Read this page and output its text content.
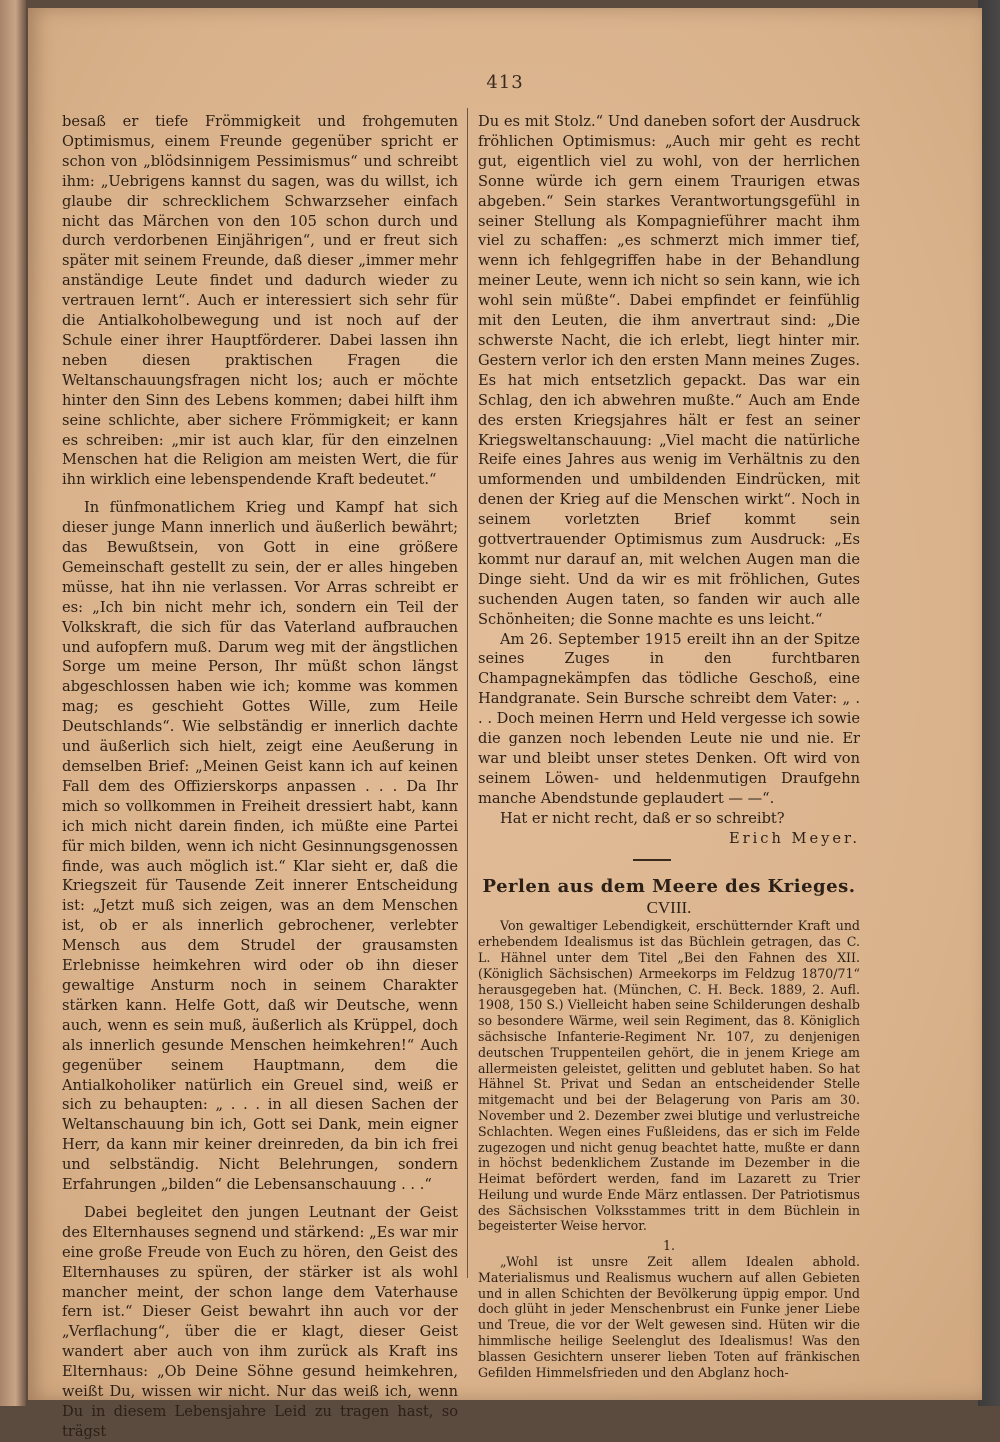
413

besaß er tiefe Frömmigkeit und frohgemuten Optimismus, einem Freunde gegenüber spricht er schon von „blödsinnigem Pessimismus“ und schreibt ihm: „Uebrigens kannst du sagen, was du willst, ich glaube dir schrecklichem Schwarzseher einfach nicht das Märchen von den 105 schon durch und durch verdorbenen Einjährigen“, und er freut sich später mit seinem Freunde, daß dieser „immer mehr anständige Leute findet und dadurch wieder zu vertrauen lernt“. Auch er interessiert sich sehr für die Antialkoholbewegung und ist noch auf der Schule einer ihrer Hauptförderer. Dabei lassen ihn neben diesen praktischen Fragen die Weltanschauungsfragen nicht los; auch er möchte hinter den Sinn des Lebens kommen; dabei hilft ihm seine schlichte, aber sichere Frömmigkeit; er kann es schreiben: „mir ist auch klar, für den einzelnen Menschen hat die Religion am meisten Wert, die für ihn wirklich eine lebenspendende Kraft bedeutet.“

In fünfmonatlichem Krieg und Kampf hat sich dieser junge Mann innerlich und äußerlich bewährt; das Bewußtsein, von Gott in eine größere Gemeinschaft gestellt zu sein, der er alles hingeben müsse, hat ihn nie verlassen. Vor Arras schreibt er es: „Ich bin nicht mehr ich, sondern ein Teil der Volkskraft, die sich für das Vaterland aufbrauchen und aufopfern muß. Darum weg mit der ängstlichen Sorge um meine Person, Ihr müßt schon längst abgeschlossen haben wie ich; komme was kommen mag; es geschieht Gottes Wille, zum Heile Deutschlands“. Wie selbständig er innerlich dachte und äußerlich sich hielt, zeigt eine Aeußerung in demselben Brief: „Meinen Geist kann ich auf keinen Fall dem des Offizierskorps anpassen . . . Da Ihr mich so vollkommen in Freiheit dressiert habt, kann ich mich nicht darein finden, ich müßte eine Partei für mich bilden, wenn ich nicht Gesinnungsgenossen finde, was auch möglich ist.“ Klar sieht er, daß die Kriegszeit für Tausende Zeit innerer Entscheidung ist: „Jetzt muß sich zeigen, was an dem Menschen ist, ob er als innerlich gebrochener, verlebter Mensch aus dem Strudel der grausamsten Erlebnisse heimkehren wird oder ob ihn dieser gewaltige Ansturm noch in seinem Charakter stärken kann. Helfe Gott, daß wir Deutsche, wenn auch, wenn es sein muß, äußerlich als Krüppel, doch als innerlich gesunde Menschen heimkehren!“ Auch gegenüber seinem Hauptmann, dem die Antialkoholiker natürlich ein Greuel sind, weiß er sich zu behaupten: „ . . . in all diesen Sachen der Weltanschauung bin ich, Gott sei Dank, mein eigner Herr, da kann mir keiner dreinreden, da bin ich frei und selbständig. Nicht Belehrungen, sondern Erfahrungen „bilden“ die Lebensanschauung . . .“

Dabei begleitet den jungen Leutnant der Geist des Elternhauses segnend und stärkend: „Es war mir eine große Freude von Euch zu hören, den Geist des Elternhauses zu spüren, der stärker ist als wohl mancher meint, der schon lange dem Vaterhause fern ist.“ Dieser Geist bewahrt ihn auch vor der „Verflachung“, über die er klagt, dieser Geist wandert aber auch von ihm zurück als Kraft ins Elternhaus: „Ob Deine Söhne gesund heimkehren, weißt Du, wissen wir nicht. Nur das weiß ich, wenn Du in diesem Lebensjahre Leid zu tragen hast, so trägst

Du es mit Stolz.“ Und daneben sofort der Ausdruck fröhlichen Optimismus: „Auch mir geht es recht gut, eigentlich viel zu wohl, von der herrlichen Sonne würde ich gern einem Traurigen etwas abgeben.“ Sein starkes Verantwortungsgefühl in seiner Stellung als Kompagnieführer macht ihm viel zu schaffen: „es schmerzt mich immer tief, wenn ich fehlgegriffen habe in der Behandlung meiner Leute, wenn ich nicht so sein kann, wie ich wohl sein müßte“. Dabei empfindet er feinfühlig mit den Leuten, die ihm anvertraut sind: „Die schwerste Nacht, die ich erlebt, liegt hinter mir. Gestern verlor ich den ersten Mann meines Zuges. Es hat mich entsetzlich gepackt. Das war ein Schlag, den ich abwehren mußte.“ Auch am Ende des ersten Kriegsjahres hält er fest an seiner Kriegsweltanschauung: „Viel macht die natürliche Reife eines Jahres aus wenig im Verhältnis zu den umformenden und umbildenden Eindrücken, mit denen der Krieg auf die Menschen wirkt“. Noch in seinem vorletzten Brief kommt sein gottvertrauender Optimismus zum Ausdruck: „Es kommt nur darauf an, mit welchen Augen man die Dinge sieht. Und da wir es mit fröhlichen, Gutes suchenden Augen taten, so fanden wir auch alle Schönheiten; die Sonne machte es uns leicht.“

Am 26. September 1915 ereilt ihn an der Spitze seines Zuges in den furchtbaren Champagnekämpfen das tödliche Geschoß, eine Handgranate. Sein Bursche schreibt dem Vater: „ . . . Doch meinen Herrn und Held vergesse ich sowie die ganzen noch lebenden Leute nie und nie. Er war und bleibt unser stetes Denken. Oft wird von seinem Löwen- und heldenmutigen Draufgehn manche Abendstunde geplaudert — —“.

Hat er nicht recht, daß er so schreibt?

Erich Meyer.

Perlen aus dem Meere des Krieges.
CVIII.

Von gewaltiger Lebendigkeit, erschütternder Kraft und erhebendem Idealismus ist das Büchlein getragen, das C. L. Hähnel unter dem Titel „Bei den Fahnen des XII. (Königlich Sächsischen) Armeekorps im Feldzug 1870/71“ herausgegeben hat. (München, C. H. Beck. 1889, 2. Aufl. 1908, 150 S.) Vielleicht haben seine Schilderungen deshalb so besondere Wärme, weil sein Regiment, das 8. Königlich sächsische Infanterie-Regiment Nr. 107, zu denjenigen deutschen Truppenteilen gehört, die in jenem Kriege am allermeisten geleistet, gelitten und geblutet haben. So hat Hähnel St. Privat und Sedan an entscheidender Stelle mitgemacht und bei der Belagerung von Paris am 30. November und 2. Dezember zwei blutige und verlustreiche Schlachten. Wegen eines Fußleidens, das er sich im Felde zugezogen und nicht genug beachtet hatte, mußte er dann in höchst bedenklichem Zustande im Dezember in die Heimat befördert werden, fand im Lazarett zu Trier Heilung und wurde Ende März entlassen. Der Patriotismus des Sächsischen Volksstammes tritt in dem Büchlein in begeisterter Weise hervor.

1.

„Wohl ist unsre Zeit allem Idealen abhold. Materialismus und Realismus wuchern auf allen Gebieten und in allen Schichten der Bevölkerung üppig empor. Und doch glüht in jeder Menschenbrust ein Funke jener Liebe und Treue, die vor der Welt gewesen sind. Hüten wir die himmlische heilige Seelenglut des Idealismus! Was den blassen Gesichtern unserer lieben Toten auf fränkischen Gefilden Himmelsfrieden und den Abglanz hoch-
